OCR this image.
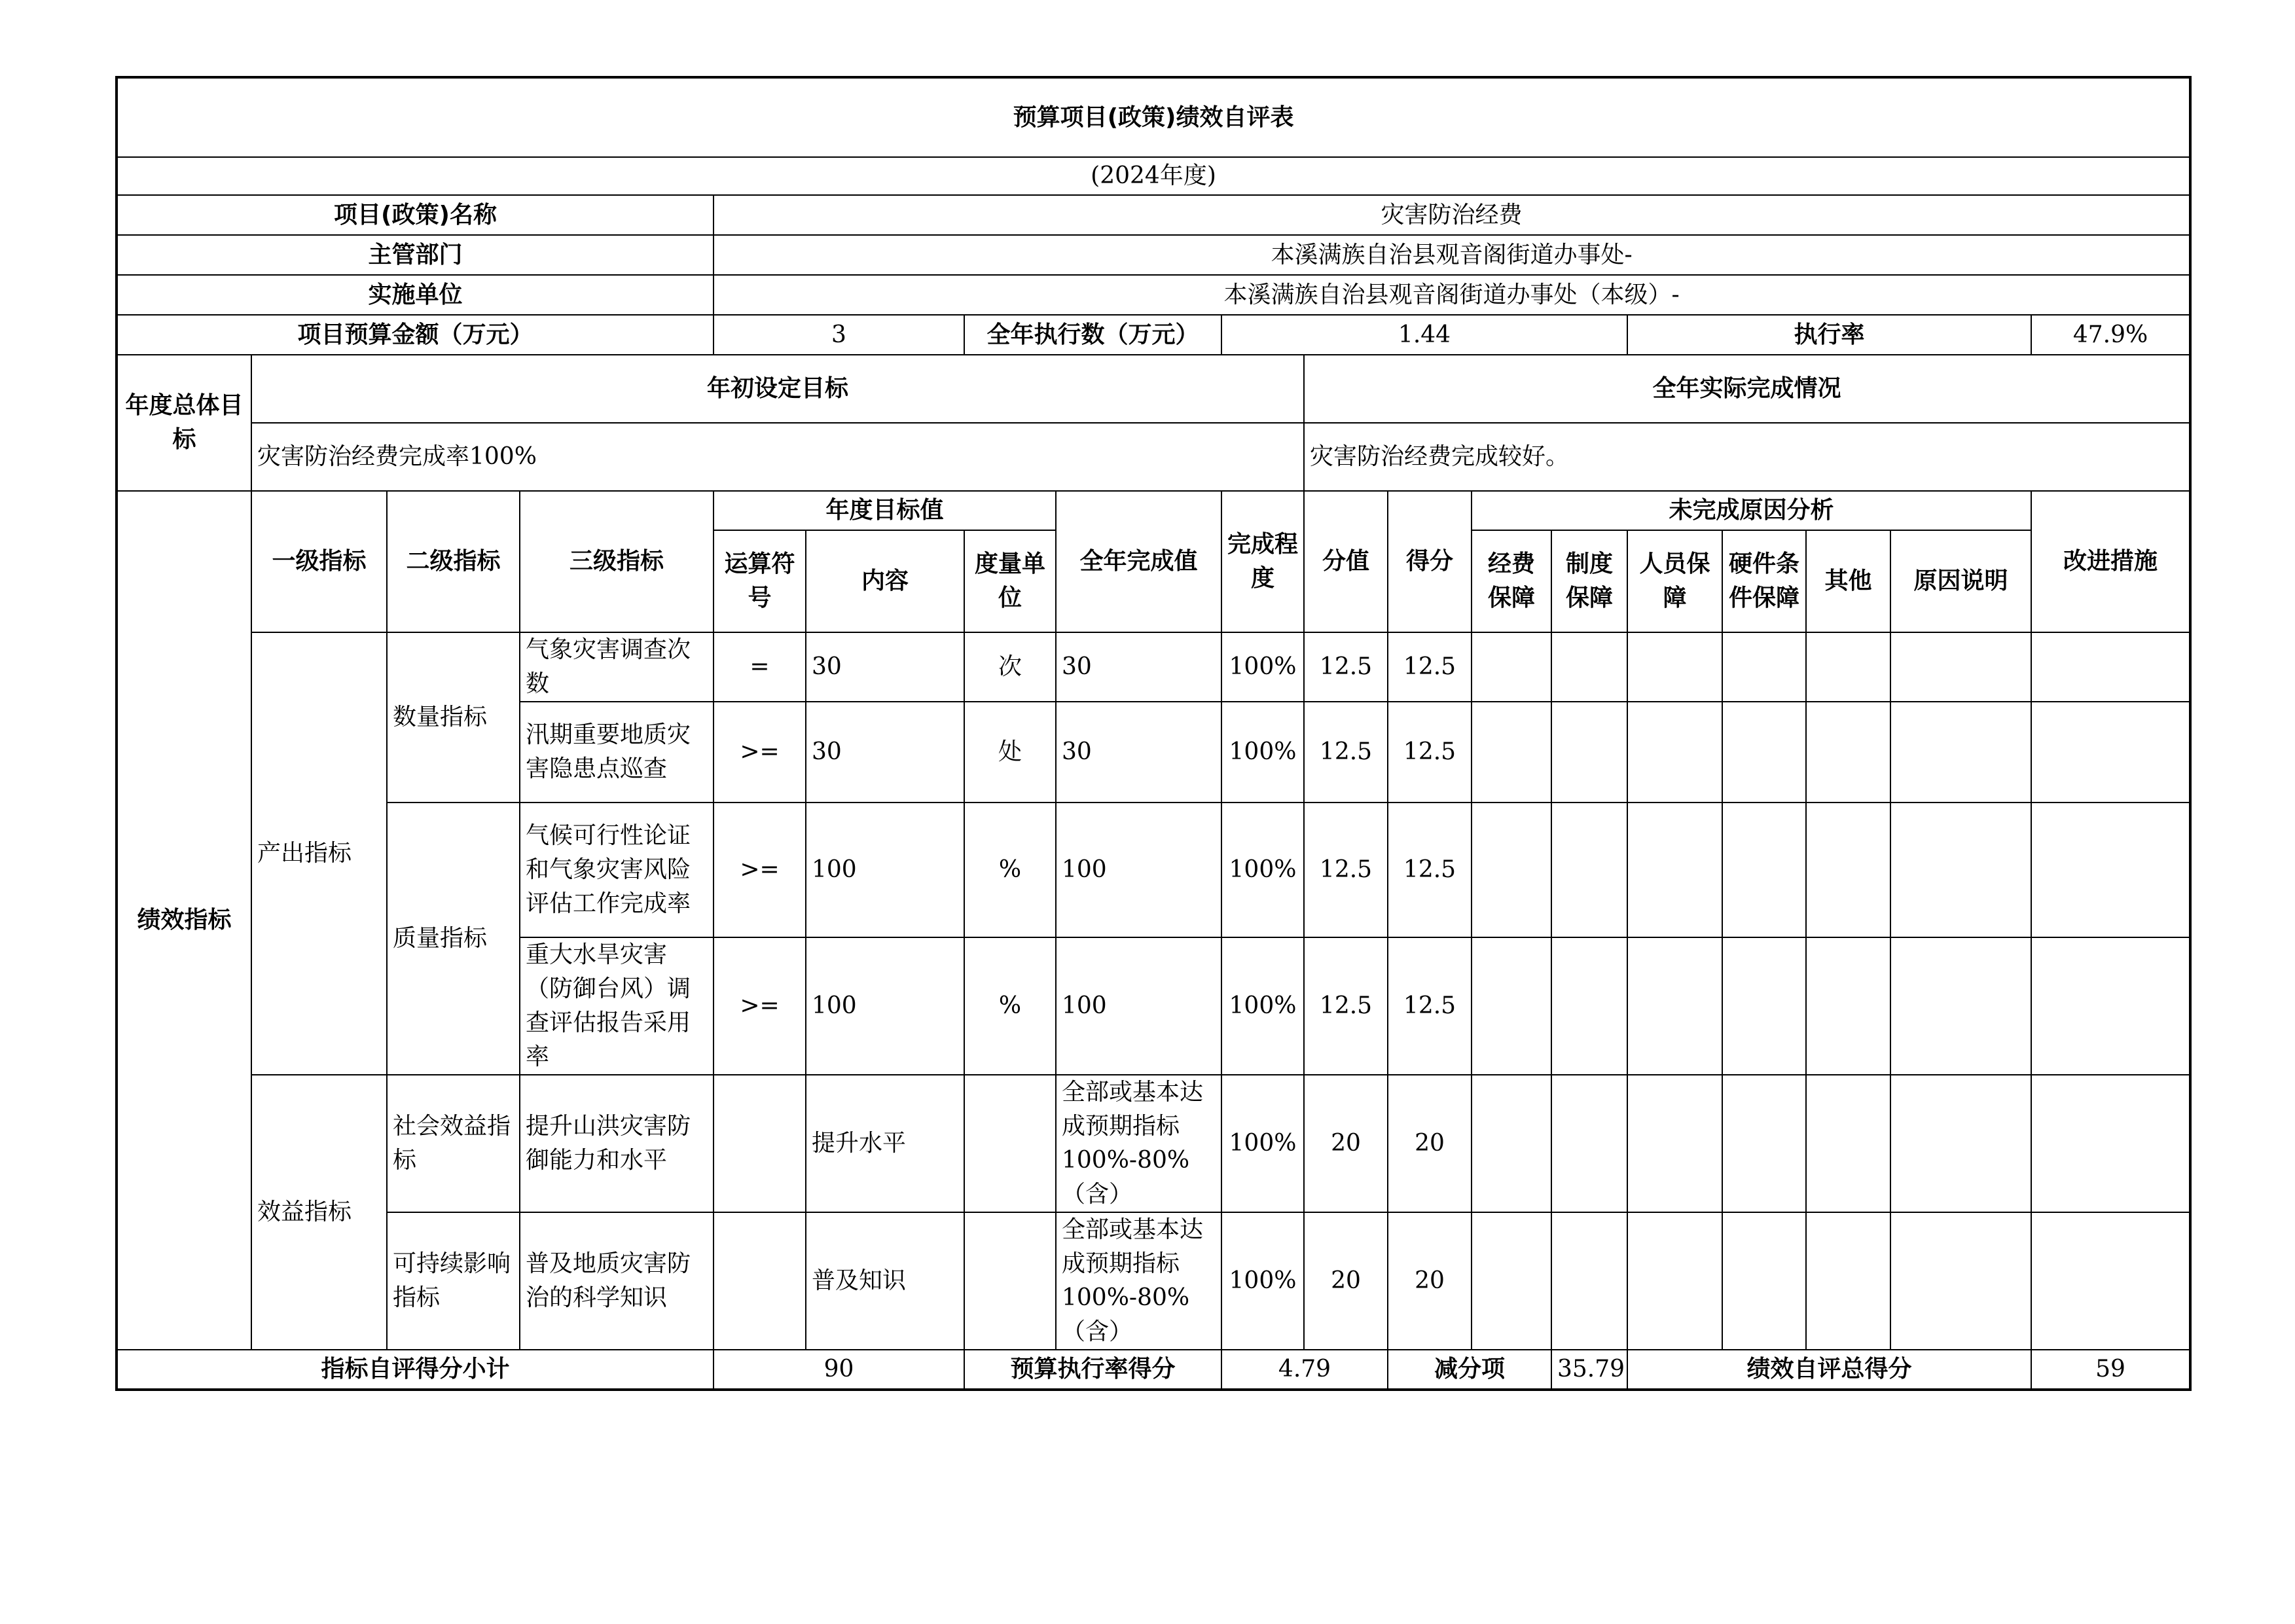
预算项目(政策)绩效自评表																	
(2024年度)																	
项目(政策)名称				灾害防治经费													
主管部门				本溪满族自治县观音阁街道办事处-													
实施单位				本溪满族自治县观音阁街道办事处（本级）-													
项目预算金额（万元）				3		全年执行数（万元）		1.44					执行率				47.9%
年度总体目标	年初设定目标								全年实际完成情况								
	灾害防治经费完成率100%								灾害防治经费完成较好。								
绩效指标	一级指标	二级指标	三级指标	年度目标值			全年完成值	完成程度	分值	得分	未完成原因分析						改进措施
				运算符号	内容	度量单位					经费保障	制度保障	人员保障	硬件条件保障	其他	原因说明	
	产出指标	数量指标	气象灾害调查次数	=	30	次	30	100%	12.5	12.5							
			汛期重要地质灾害隐患点巡查	>=	30	处	30	100%	12.5	12.5							
		质量指标	气候可行性论证和气象灾害风险评估工作完成率	>=	100	%	100	100%	12.5	12.5							
			重大水旱灾害（防御台风）调查评估报告采用率	>=	100	%	100	100%	12.5	12.5							
	效益指标	社会效益指标	提升山洪灾害防御能力和水平		提升水平		全部或基本达成预期指标100%-80%（含）	100%	20	20							
		可持续影响指标	普及地质灾害防治的科学知识		普及知识		全部或基本达成预期指标100%-80%（含）	100%	20	20							
指标自评得分小计				90		预算执行率得分		4.79		减分项		35.79	绩效自评总得分				59
